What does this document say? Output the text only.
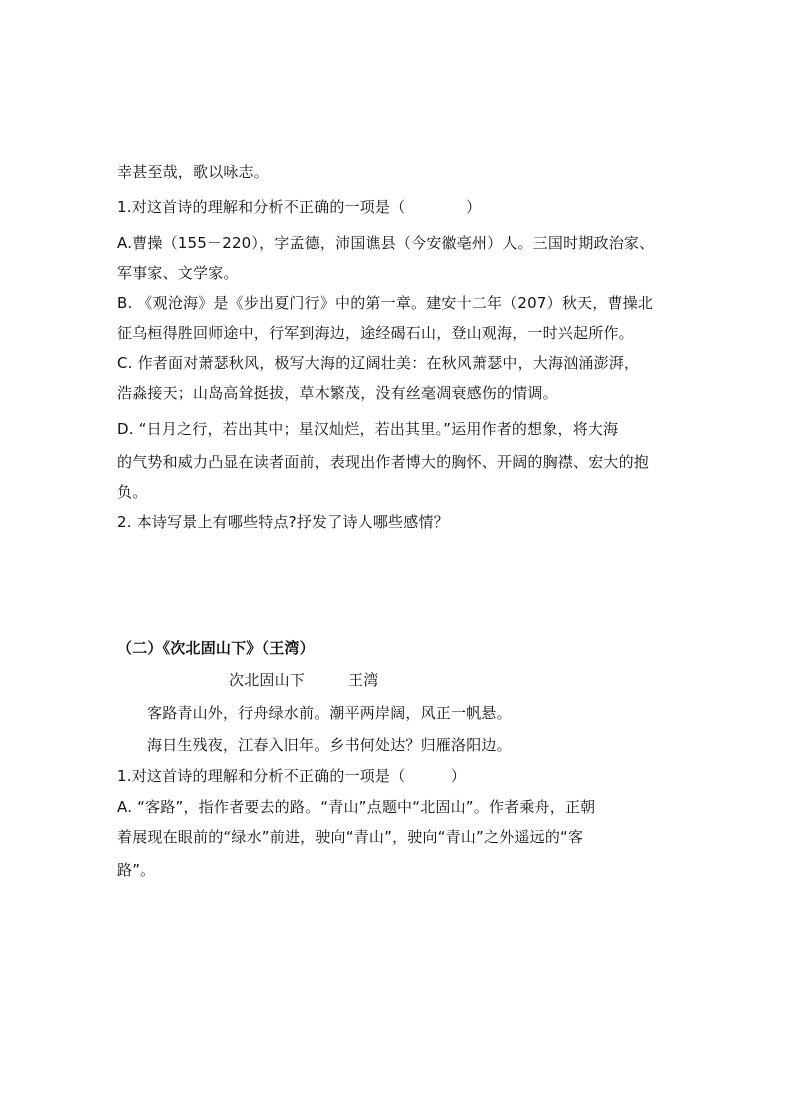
幸甚至哉，歌以咏志。
1.对这首诗的理解和分析不正确的一项是（　　　　）
A.曹操（155－220），字孟德，沛国谯县（今安徽亳州）人。三国时期政治家、
军事家、文学家。
B. 《观沧海》是《步出夏门行》中的第一章。建安十二年（207）秋天，曹操北
征乌桓得胜回师途中，行军到海边，途经碣石山，登山观海，一时兴起所作。
C. 作者面对萧瑟秋风，极写大海的辽阔壮美：在秋风萧瑟中，大海汹涌澎湃，
浩淼接天；山岛高耸挺拔，草木繁茂，没有丝毫凋衰感伤的情调。
D. “日月之行，若出其中；星汉灿烂，若出其里。”运用作者的想象，将大海
的气势和威力凸显在读者面前，表现出作者博大的胸怀、开阔的胸襟、宏大的抱
负。
2. 本诗写景上有哪些特点?抒发了诗人哪些感情？
（二）《次北固山下》（王湾）
次北固山下	王湾
客路青山外，行舟绿水前。潮平两岸阔，风正一帆悬。
海日生残夜，江春入旧年。乡书何处达？归雁洛阳边。
1.对这首诗的理解和分析不正确的一项是（　　　）
A. “客路”，指作者要去的路。“青山”点题中“北固山”。作者乘舟，正朝
着展现在眼前的“绿水”前进，驶向“青山”，驶向“青山”之外遥远的“客
路”。
